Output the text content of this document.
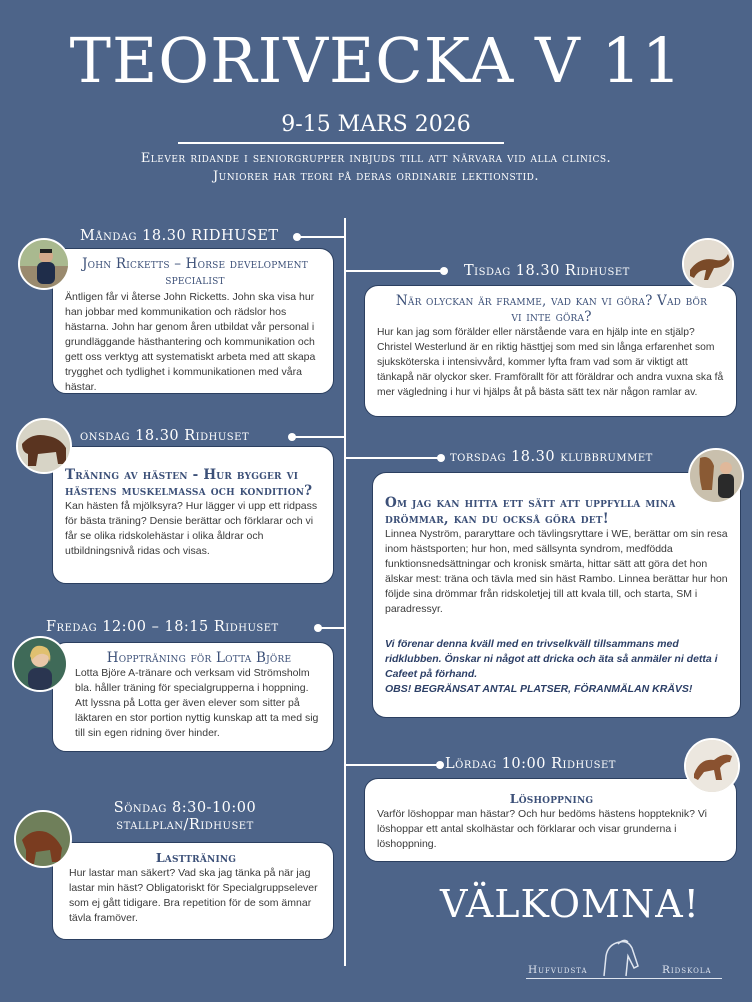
TEORIVECKA V 11
9-15 MARS 2026
Elever ridande i seniorgrupper inbjuds till att närvara vid alla clinics.
Juniorer har teori på deras ordinarie lektionstid.
Måndag 18.30 RIDHUSET
John Ricketts – Horse development specialist
Äntligen får vi återse John Ricketts. John ska visa hur han jobbar med kommunikation och rädslor hos hästarna. John har genom åren utbildat vår personal i grundläggande hästhantering och kommunikation och gett oss verktyg att systematiskt arbeta med att skapa trygghet och tydlighet i kommunikationen med våra hästar.
Tisdag 18.30 Ridhuset
När olyckan är framme, vad kan vi göra? Vad bör vi inte göra?
Hur kan jag som förälder eller närstående vara en hjälp inte en stjälp? Christel Westerlund är en riktig hästtjej som med sin långa erfarenhet som sjuksköterska i intensivvård, kommer lyfta fram vad som är viktigt att tänkapå när olyckor sker. Framförallt för att föräldrar och andra vuxna ska få mer vägledning i hur vi hjälps åt på bästa sätt tex när någon ramlar av.
onsdag 18.30 Ridhuset
Träning av hästen - Hur bygger vi hästens muskelmassa och kondition?
Kan hästen få mjölksyra? Hur lägger vi upp ett ridpass för bästa träning? Densie berättar och förklarar och vi får se olika ridskolehästar i olika åldrar och utbildningsnivå ridas och visas.
torsdag 18.30 klubbrummet
Om jag kan hitta ett sätt att uppfylla mina drömmar, kan du också göra det!
Linnea Nyström, pararyttare och tävlingsryttare i WE, berättar om sin resa inom hästsporten; hur hon, med sällsynta syndrom, medfödda funktionsnedsättningar och kronisk smärta, hittar sätt att göra det hon älskar mest: träna och tävla med sin häst Rambo. Linnea berättar hur hon följde sina drömmar från ridskoletjej till att kvala till, och starta, SM i paradressyr.
Vi förenar denna kväll med en trivselkväll tillsammans med ridklubben. Önskar ni något att dricka och äta så anmäler ni detta i Cafeet på förhand.
OBS! BEGRÄNSAT ANTAL PLATSER, FÖRANMÄLAN KRÄVS!
Fredag 12:00 – 18:15 Ridhuset
Hoppträning för Lotta Björe
Lotta Björe A-tränare och verksam vid Strömsholm bla. håller träning för specialgrupperna i hoppning. Att lyssna på Lotta ger även elever som sitter på läktaren en stor portion nyttig kunskap att ta med sig till sin egen ridning över hinder.
Lördag 10:00 Ridhuset
Löshoppning
Varför löshoppar man hästar? Och hur bedöms hästens hoppteknik? Vi löshoppar ett antal skolhästar och förklarar och visar grunderna i löshoppning.
Söndag 8:30-10:00
stallplan/Ridhuset
Lastträning
Hur lastar man säkert? Vad ska jag tänka på när jag lastar min häst? Obligatoriskt för Specialgruppselever som ej gått tidigare. Bra repetition för de som ämnar tävla framöver.	VÄLKOMNA!
Hufvudsta	Ridskola
